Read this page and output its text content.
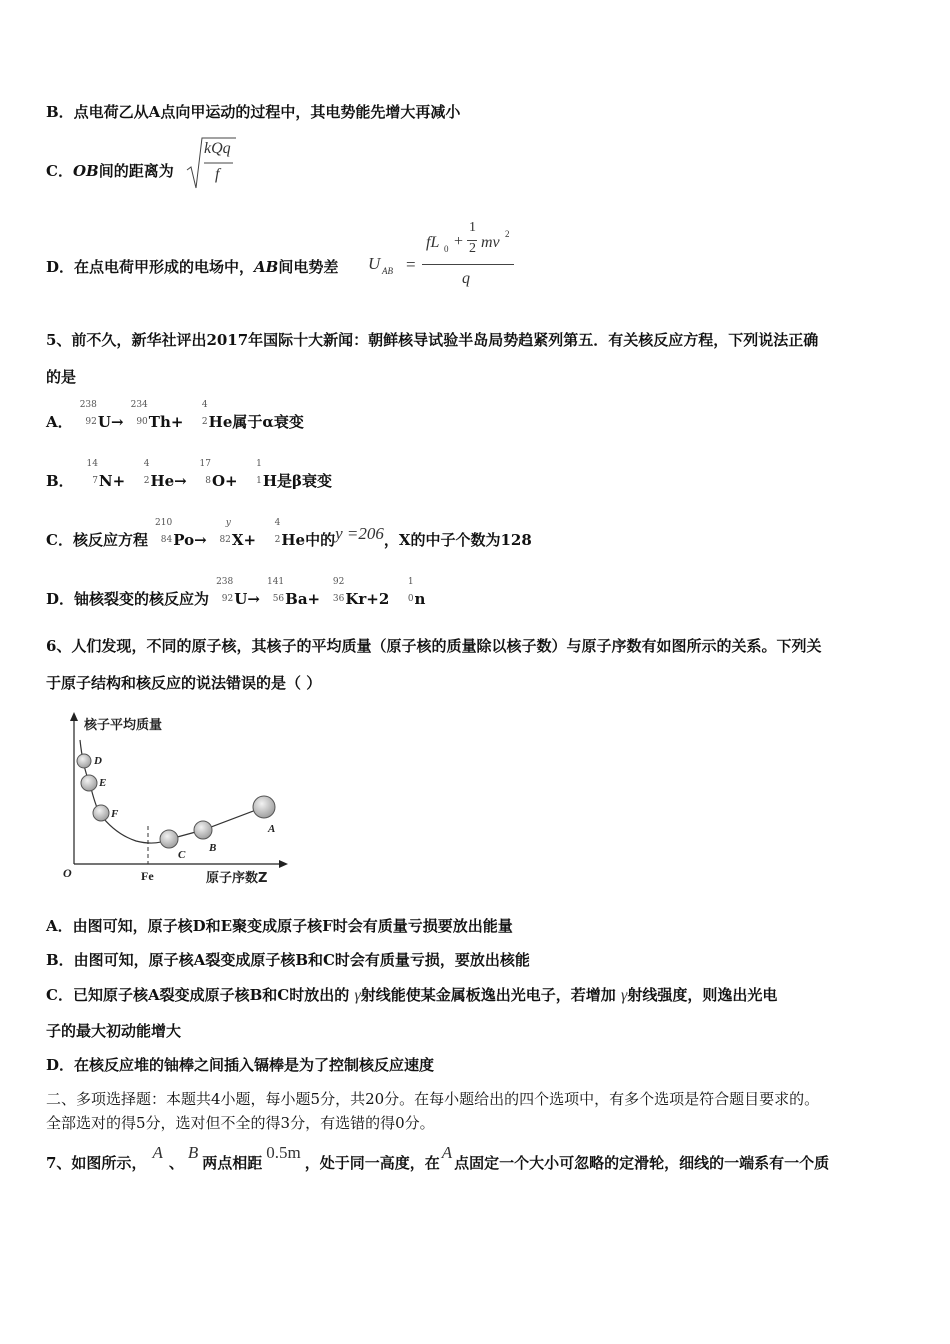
B．点电荷乙从A点向甲运动的过程中，其电势能先增大再减小
C．OB间的距离为
kQq
f
D．在点电荷甲形成的电场中，AB间电势差 U AB =
fL 0 +
1
2 mv 2
q
5、前不久，新华社评出2017年国际十大新闻：朝鲜核导试验半岛局势趋紧列第五．有关核反应方程，下列说法正确
的是
A．
238
92 U→
234
90 Th+
4
2 He属于α衰变
B．
14
7 N+
4
2 He→
17
8 O+
1
1 H是β衰变
C．核反应方程
210
84 Po→
y
82 X+
4
2 He中的y =206，X的中子个数为128
D．铀核裂变的核反应为
238
92 U→
141
56 Ba+
92
36 Kr+2
1
0 n
6、人们发现，不同的原子核，其核子的平均质量（原子核的质量除以核子数）与原子序数有如图所示的关系。下列关
于原子结构和核反应的说法错误的是（ ）
核子平均质量
原子序数Z
O	Fe
D
E
F
C
B
A
A．由图可知，原子核D和E聚变成原子核F时会有质量亏损要放出能量
B．由图可知，原子核A裂变成原子核B和C时会有质量亏损，要放出核能
C．已知原子核A裂变成原子核B和C时放出的 γ射线能使某金属板逸出光电子，若增加 γ射线强度，则逸出光电
子的最大初动能增大
D．在核反应堆的铀棒之间插入镉棒是为了控制核反应速度
二、多项选择题：本题共4小题，每小题5分，共20分。在每小题给出的四个选项中，有多个选项是符合题目要求的。
全部选对的得5分，选对但不全的得3分，有选错的得0分。
7、如图所示，A、B两点相距0.5m，处于同一高度，在A点固定一个大小可忽略的定滑轮，细线的一端系有一个质
